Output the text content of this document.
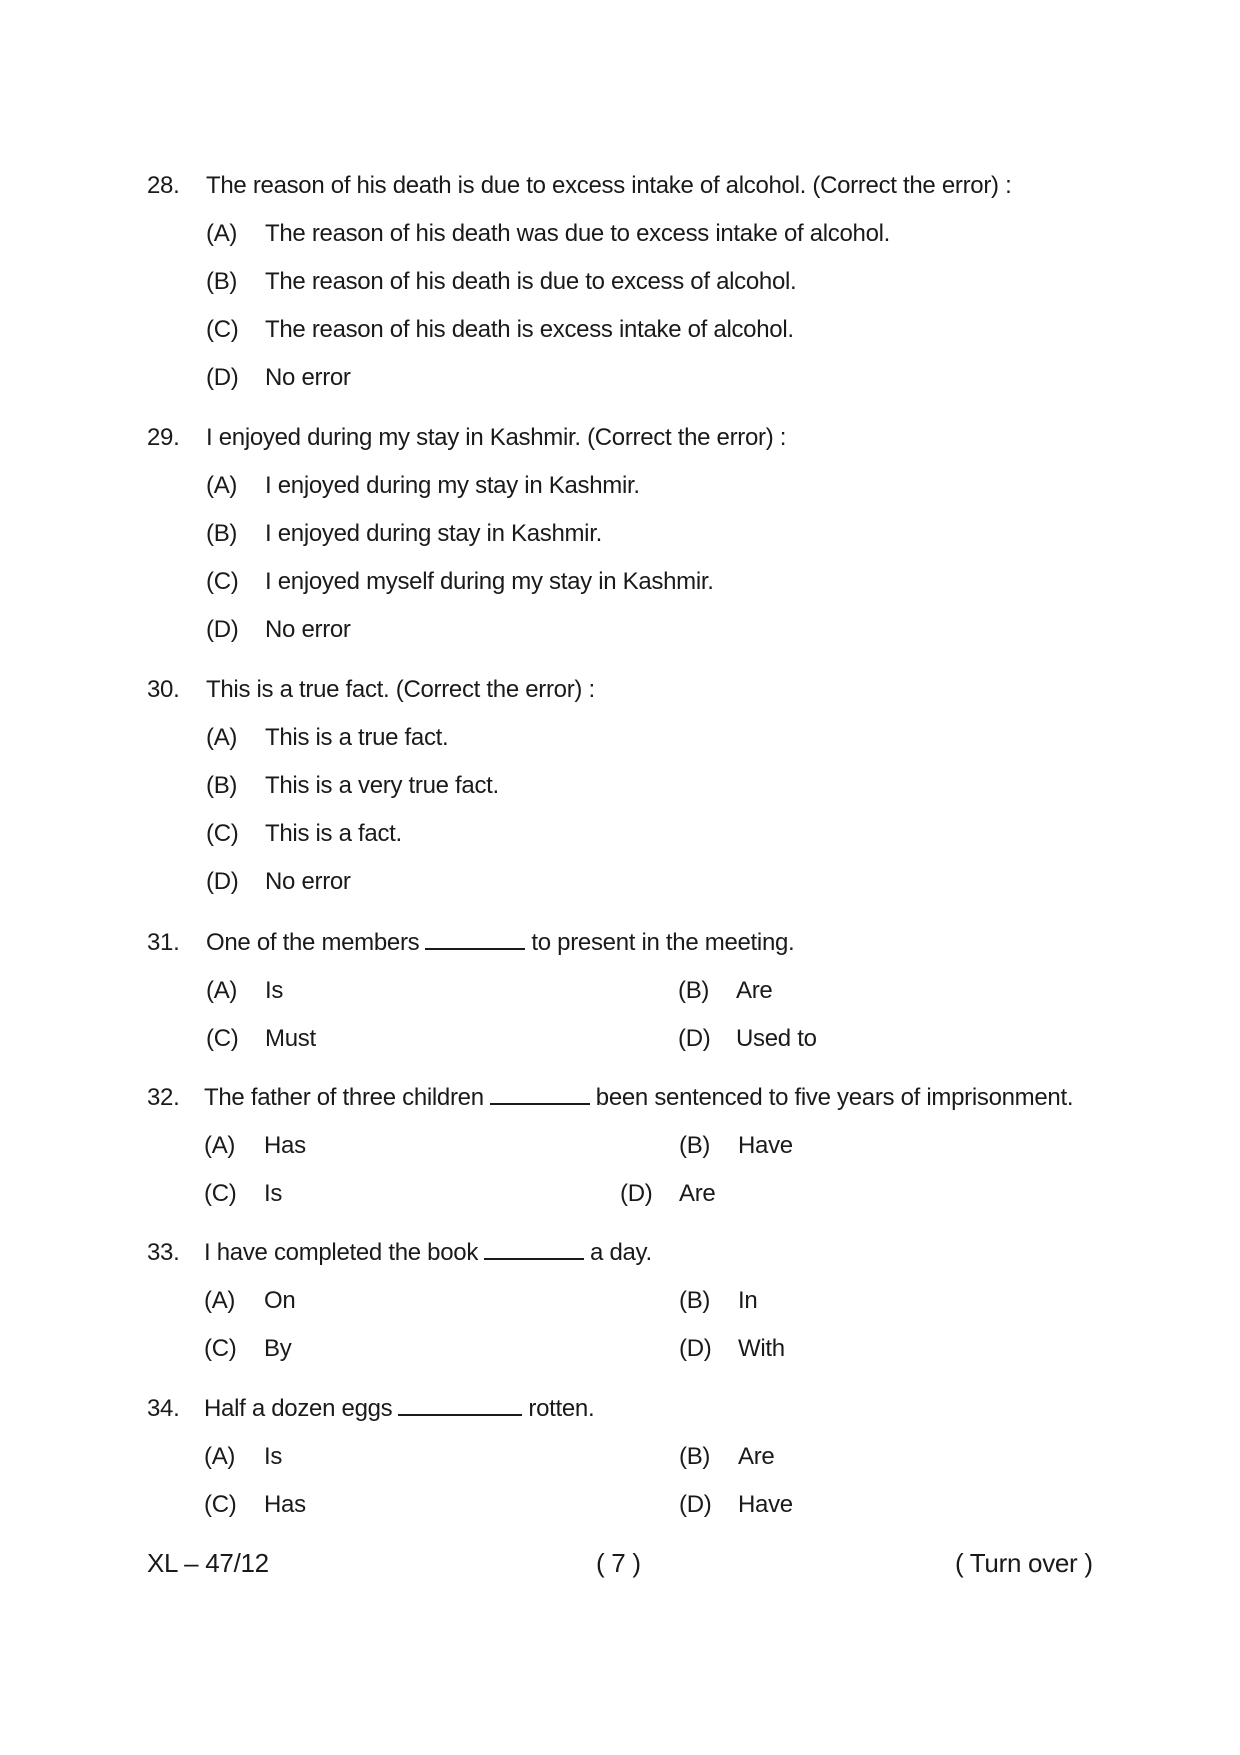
28. The reason of his death is due to excess intake of alcohol. (Correct the error) :
(A) The reason of his death was due to excess intake of alcohol.
(B) The reason of his death is due to excess of alcohol.
(C) The reason of his death is excess intake of alcohol.
(D) No error
29. I enjoyed during my stay in Kashmir. (Correct the error) :
(A) I enjoyed during my stay in Kashmir.
(B) I enjoyed during stay in Kashmir.
(C) I enjoyed myself during my stay in Kashmir.
(D) No error
30. This is a true fact. (Correct the error) :
(A) This is a true fact.
(B) This is a very true fact.
(C) This is a fact.
(D) No error
31. One of the members	to present in the meeting.
(A) Is	(B) Are
(C) Must	(D) Used to
32. The father of three children	been sentenced to five years of imprisonment.
(A) Has	(B) Have
(C) Is	(D) Are
33. I have completed the book	a day.
(A) On	(B) In
(C) By	(D) With
34. Half a dozen eggs	rotten.
(A) Is	(B) Are
(C) Has	(D) Have
XL – 47/12	( 7 )	( Turn over )
